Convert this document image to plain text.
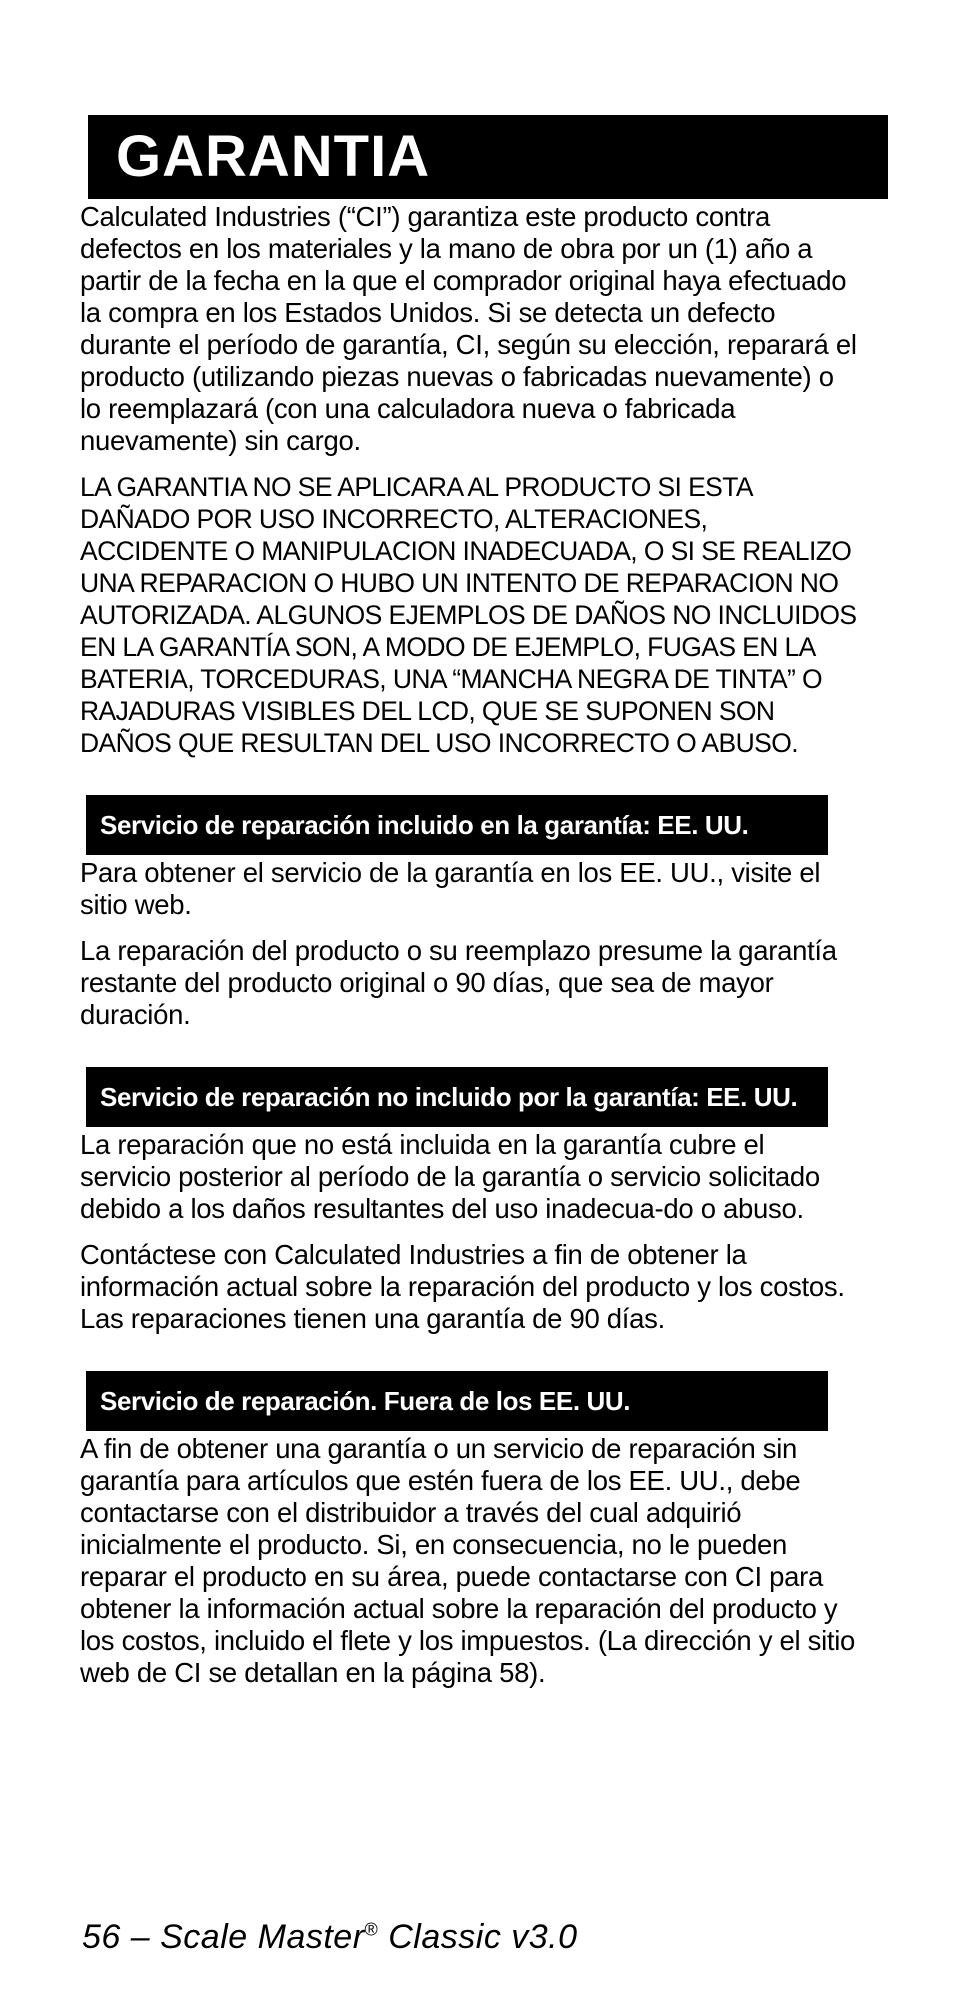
GARANTIA

Calculated Industries (“CI”) garantiza este producto contra defectos en los materiales y la mano de obra por un (1) año a partir de la fecha en la que el comprador original haya efectuado la compra en los Estados Unidos. Si se detecta un defecto durante el período de garantía, CI, según su elección, reparará el producto (utilizando piezas nuevas o fabricadas nuevamente) o lo reemplazará (con una calculadora nueva o fabricada nuevamente) sin cargo.

LA GARANTIA NO SE APLICARA AL PRODUCTO SI ESTA DAÑADO POR USO INCORRECTO, ALTERACIONES, ACCIDENTE O MANIPULACION INADECUADA, O SI SE REALIZO UNA REPARACION O HUBO UN INTENTO DE REPARACION NO AUTORIZADA. ALGUNOS EJEMPLOS DE DAÑOS NO INCLUIDOS EN LA GARANTÍA SON, A MODO DE EJEMPLO, FUGAS EN LA BATERIA, TORCEDURAS, UNA “MANCHA NEGRA DE TINTA” O RAJADURAS VISIBLES DEL LCD, QUE SE SUPONEN SON DAÑOS QUE RESULTAN DEL USO INCORRECTO O ABUSO.

Servicio de reparación incluido en la garantía: EE. UU.

Para obtener el servicio de la garantía en los EE. UU., visite el sitio web.

La reparación del producto o su reemplazo presume la garantía restante del producto original o 90 días, que sea de mayor duración.

Servicio de reparación no incluido por la garantía: EE. UU.

La reparación que no está incluida en la garantía cubre el servicio posterior al período de la garantía o servicio solicitado debido a los daños resultantes del uso inadecua-do o abuso.

Contáctese con Calculated Industries a fin de obtener la información actual sobre la reparación del producto y los costos. Las reparaciones tienen una garantía de 90 días.

Servicio de reparación. Fuera de los EE. UU.

A fin de obtener una garantía o un servicio de reparación sin garantía para artículos que estén fuera de los EE. UU., debe contactarse con el distribuidor a través del cual adquirió inicialmente el producto. Si, en consecuencia, no le pueden reparar el producto en su área, puede contactarse con CI para obtener la información actual sobre la reparación del producto y los costos, incluido el flete y los impuestos. (La dirección y el sitio web de CI se detallan en la página 58).

56 – Scale Master® Classic v3.0
